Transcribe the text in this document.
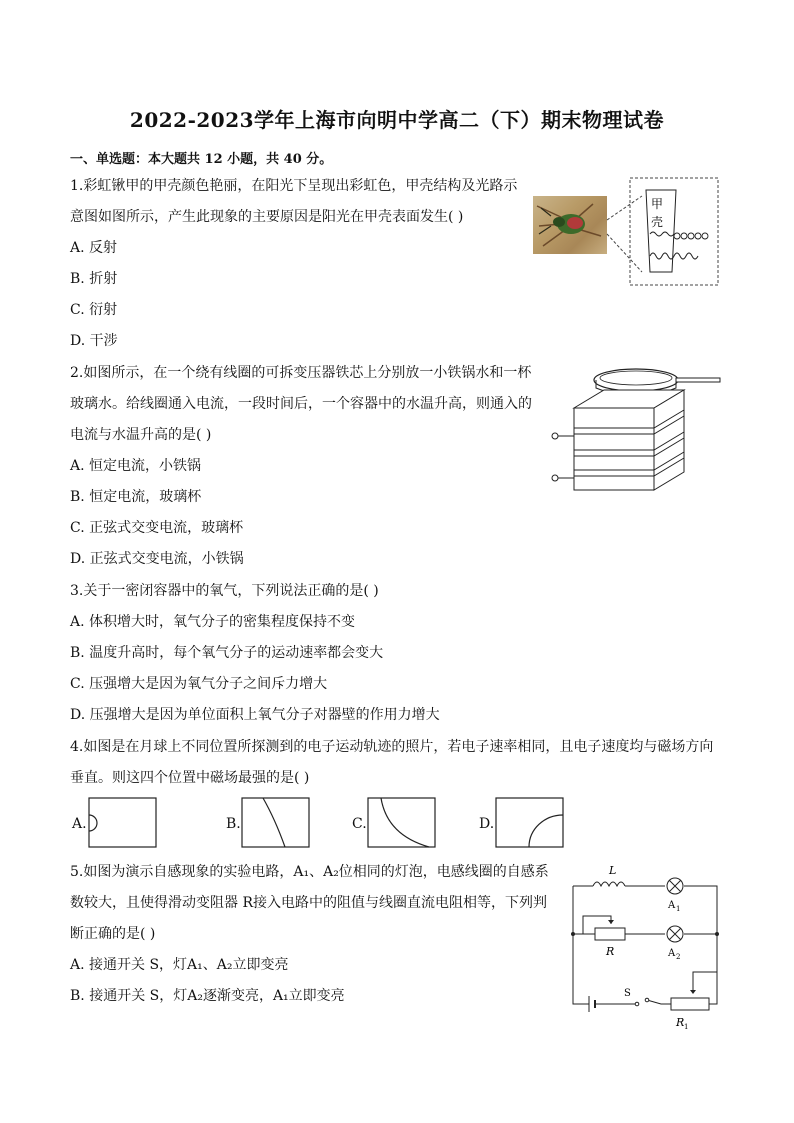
2022-2023学年上海市向明中学高二（下）期末物理试卷
一、单选题：本大题共 12 小题，共 40 分。
1.彩虹锹甲的甲壳颜色艳丽，在阳光下呈现出彩虹色，甲壳结构及光路示
意图如图所示，产生此现象的主要原因是阳光在甲壳表面发生( )
A. 反射
B. 折射
C. 衍射
D. 干涉
甲
壳
2.如图所示，在一个绕有线圈的可拆变压器铁芯上分别放一小铁锅水和一杯
玻璃水。给线圈通入电流，一段时间后，一个容器中的水温升高，则通入的
电流与水温升高的是( )
A. 恒定电流，小铁锅
B. 恒定电流，玻璃杯
C. 正弦式交变电流，玻璃杯
D. 正弦式交变电流，小铁锅
3.关于一密闭容器中的氧气，下列说法正确的是( )
A. 体积增大时，氧气分子的密集程度保持不变
B. 温度升高时，每个氧气分子的运动速率都会变大
C. 压强增大是因为氧气分子之间斥力增大
D. 压强增大是因为单位面积上氧气分子对器壁的作用力增大
4.如图是在月球上不同位置所探测到的电子运动轨迹的照片，若电子速率相同，且电子速度均与磁场方向
垂直。则这四个位置中磁场最强的是( )
A.	B.	C.	D.
5.如图为演示自感现象的实验电路，A₁、A₂位相同的灯泡，电感线圈的自感系
数较大，且使得滑动变阻器 R接入电路中的阻值与线圈直流电阻相等，下列判
断正确的是( )
A. 接通开关 S，灯A₁、A₂立即变亮
B. 接通开关 S，灯A₂逐渐变亮，A₁立即变亮
L
A 1
R	A 2
S
R 1
